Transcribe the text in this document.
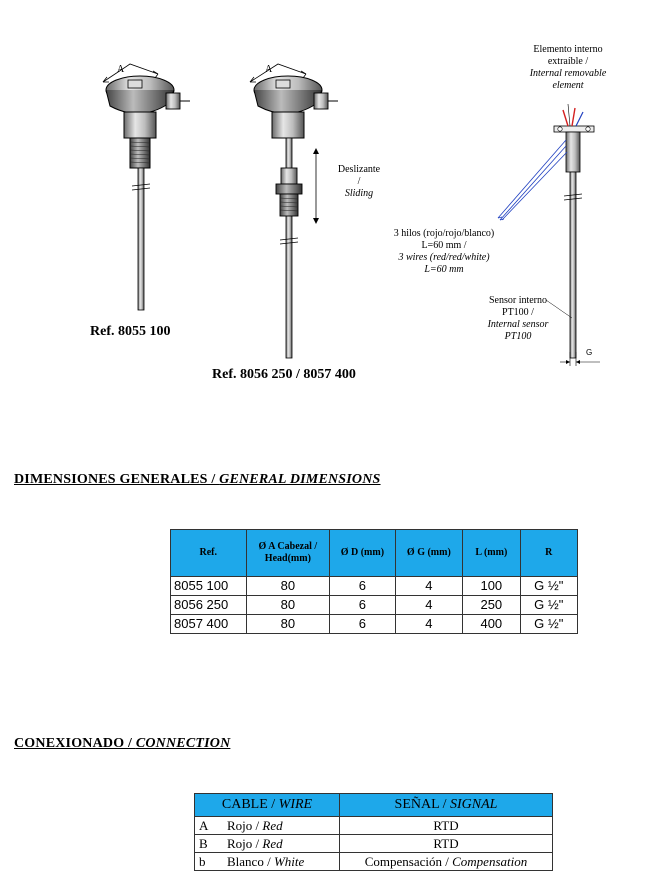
A	A
Elemento interno
extraíble /
Internal removable
element
Deslizante
/
Sliding
3 hilos (rojo/rojo/blanco)
L=60 mm /
3 wires (red/red/white)
L=60 mm
Sensor interno
PT100 /
Internal sensor
PT100
G
Ref. 8055 100
Ref. 8056 250 / 8057 400
DIMENSIONES GENERALES / GENERAL DIMENSIONS
Ref.	Ø A Cabezal / Head(mm)	Ø D (mm)	Ø G (mm)	L (mm)	R
8055 100	80	6	4	100	G ½"
8056 250	80	6	4	250	G ½"
8057 400	80	6	4	400	G ½"
CONEXIONADO / CONNECTION
CABLE / WIRE	SEÑAL / SIGNAL
A Rojo / Red	RTD
B Rojo / Red	RTD
b Blanco / White	Compensación / Compensation
